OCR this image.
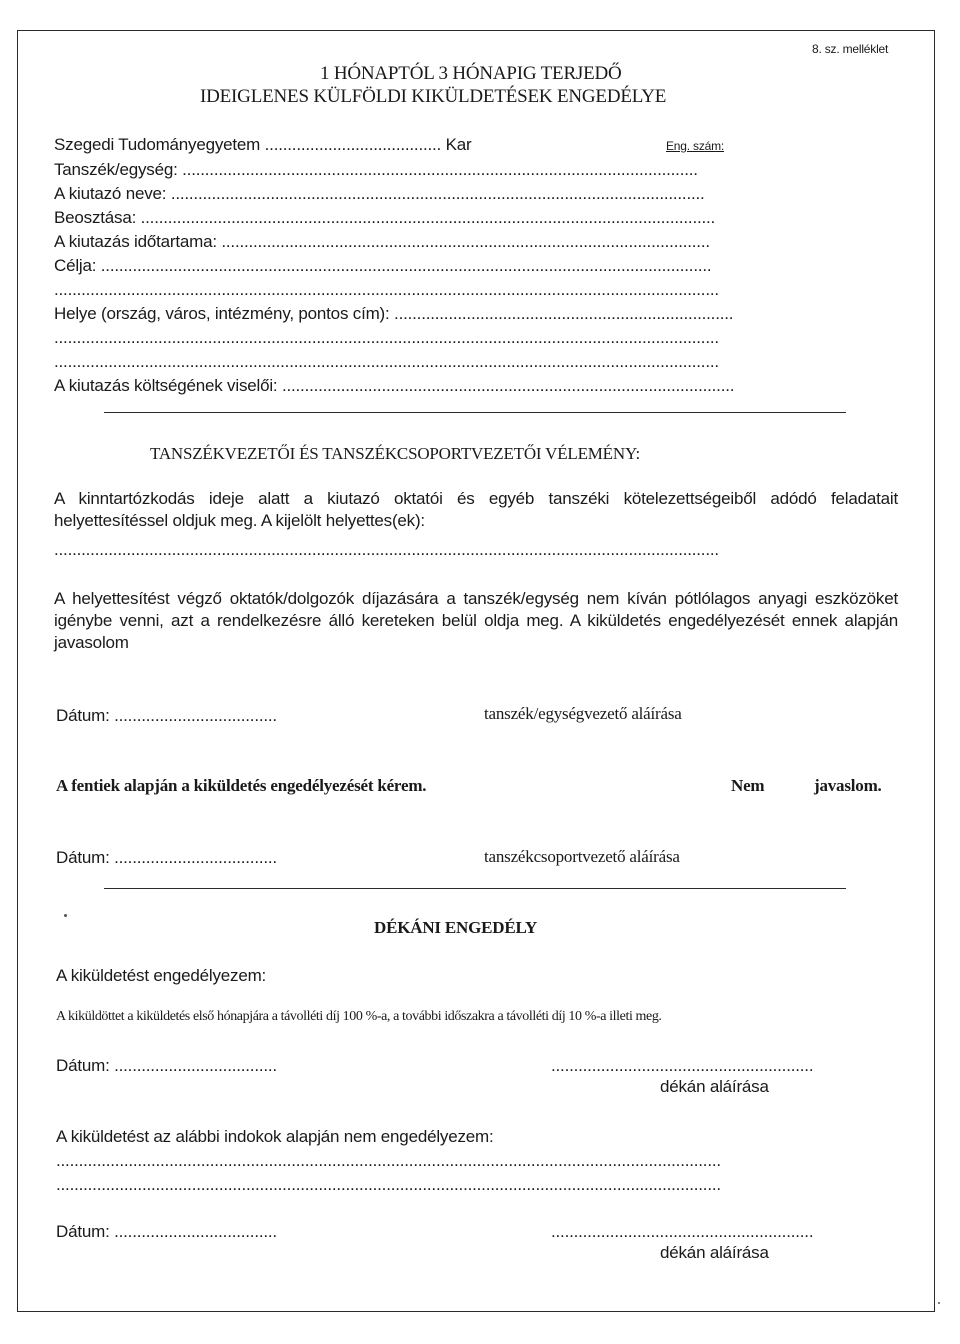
8. sz. melléklet
1 HÓNAPTÓL 3 HÓNAPIG TERJEDŐ
IDEIGLENES KÜLFÖLDI KIKÜLDETÉSEK ENGEDÉLYE
Szegedi Tudományegyetem ....................................... Kar	Eng. szám:
Tanszék/egység: ..................................................................................................................
A kiutazó neve: ......................................................................................................................
Beosztása: ...............................................................................................................................
A kiutazás időtartama: ............................................................................................................
Célja: .......................................................................................................................................
...................................................................................................................................................
Helye (ország, város, intézmény, pontos cím): ...........................................................................
...................................................................................................................................................
...................................................................................................................................................
A kiutazás költségének viselői: ....................................................................................................
TANSZÉKVEZETŐI ÉS TANSZÉKCSOPORTVEZETŐI VÉLEMÉNY:
A kinntartózkodás ideje alatt a kiutazó oktatói és egyéb tanszéki kötelezettségeiből adódó feladatait helyettesítéssel oldjuk meg. A kijelölt helyettes(ek):
...................................................................................................................................................
A helyettesítést végző oktatók/dolgozók díjazására a tanszék/egység nem kíván pótlólagos anyagi eszközöket igénybe venni, azt a rendelkezésre álló kereteken belül oldja meg. A kiküldetés engedélyezését ennek alapján javasolom
Dátum: ....................................	tanszék/egységvezető aláírása
A fentiek alapján a kiküldetés engedélyezését kérem.	Nem	javaslom.
Dátum: ....................................	tanszékcsoportvezető aláírása
DÉKÁNI ENGEDÉLY
A kiküldetést engedélyezem:
A kiküldöttet a kiküldetés első hónapjára a távolléti díj 100 %-a, a további időszakra a távolléti díj 10 %-a illeti meg.
Dátum: ....................................	..........................................................
dékán aláírása
A kiküldetést az alábbi indokok alapján nem engedélyezem:
...................................................................................................................................................
...................................................................................................................................................
Dátum: ....................................	..........................................................
dékán aláírása
